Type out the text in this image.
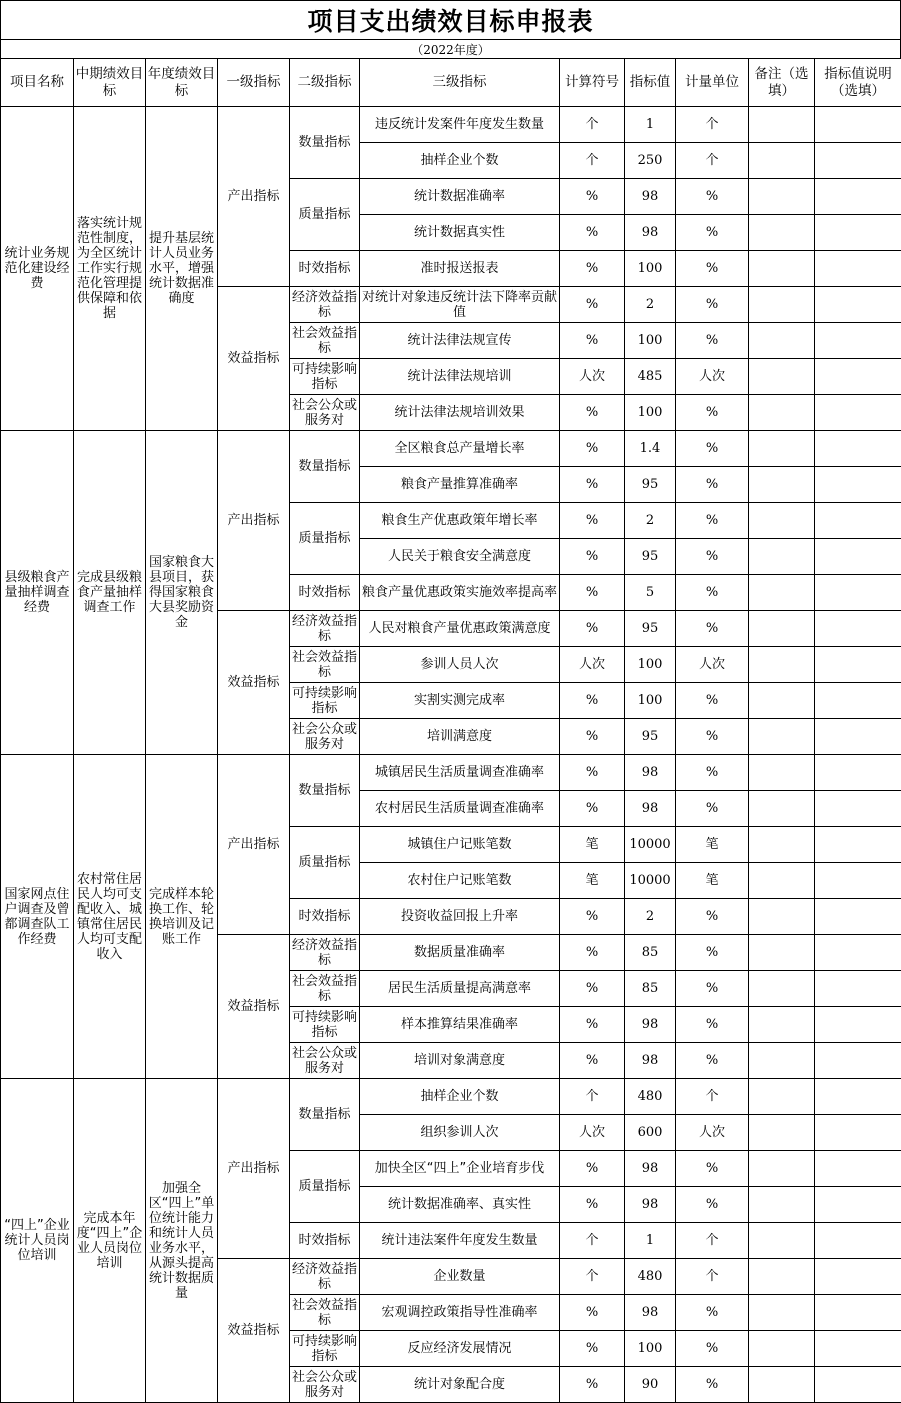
项目支出绩效目标申报表
（2022年度）
项目名称	中期绩效目标	年度绩效目标	一级指标	二级指标	三级指标	计算符号	指标值	计量单位	备注（选填）	指标值说明（选填）
统计业务规范化建设经费	落实统计规范性制度，为全区统计工作实行规范化管理提供保障和依据	提升基层统计人员业务水平，增强统计数据准确度	产出指标	数量指标	违反统计发案件年度发生数量	个	1	个		
					抽样企业个数	个	250	个		
				质量指标	统计数据准确率	%	98	%		
					统计数据真实性	%	98	%		
				时效指标	准时报送报表	%	100	%		
			效益指标	经济效益指标	对统计对象违反统计法下降率贡献值	%	2	%		
				社会效益指标	统计法律法规宣传	%	100	%		
				可持续影响指标	统计法律法规培训	人次	485	人次		
				社会公众或服务对	统计法律法规培训效果	%	100	%		
县级粮食产量抽样调查经费	完成县级粮食产量抽样调查工作	国家粮食大县项目，获得国家粮食大县奖励资金	产出指标	数量指标	全区粮食总产量增长率	%	1.4	%		
					粮食产量推算准确率	%	95	%		
				质量指标	粮食生产优惠政策年增长率	%	2	%		
					人民关于粮食安全满意度	%	95	%		
				时效指标	粮食产量优惠政策实施效率提高率	%	5	%		
			效益指标	经济效益指标	人民对粮食产量优惠政策满意度	%	95	%		
				社会效益指标	参训人员人次	人次	100	人次		
				可持续影响指标	实割实测完成率	%	100	%		
				社会公众或服务对	培训满意度	%	95	%		
国家网点住户调查及曾都调查队工作经费	农村常住居民人均可支配收入、城镇常住居民人均可支配收入	完成样本轮换工作、轮换培训及记账工作	产出指标	数量指标	城镇居民生活质量调查准确率	%	98	%		
					农村居民生活质量调查准确率	%	98	%		
				质量指标	城镇住户记账笔数	笔	10000	笔		
					农村住户记账笔数	笔	10000	笔		
				时效指标	投资收益回报上升率	%	2	%		
			效益指标	经济效益指标	数据质量准确率	%	85	%		
				社会效益指标	居民生活质量提高满意率	%	85	%		
				可持续影响指标	样本推算结果准确率	%	98	%		
				社会公众或服务对	培训对象满意度	%	98	%		
“四上”企业统计人员岗位培训	完成本年度“四上”企业人员岗位培训	加强全区“四上”单位统计能力和统计人员业务水平，从源头提高统计数据质量	产出指标	数量指标	抽样企业个数	个	480	个		
					组织参训人次	人次	600	人次		
				质量指标	加快全区“四上”企业培育步伐	%	98	%		
					统计数据准确率、真实性	%	98	%		
				时效指标	统计违法案件年度发生数量	个	1	个		
			效益指标	经济效益指标	企业数量	个	480	个		
				社会效益指标	宏观调控政策指导性准确率	%	98	%		
				可持续影响指标	反应经济发展情况	%	100	%		
				社会公众或服务对	统计对象配合度	%	90	%		
